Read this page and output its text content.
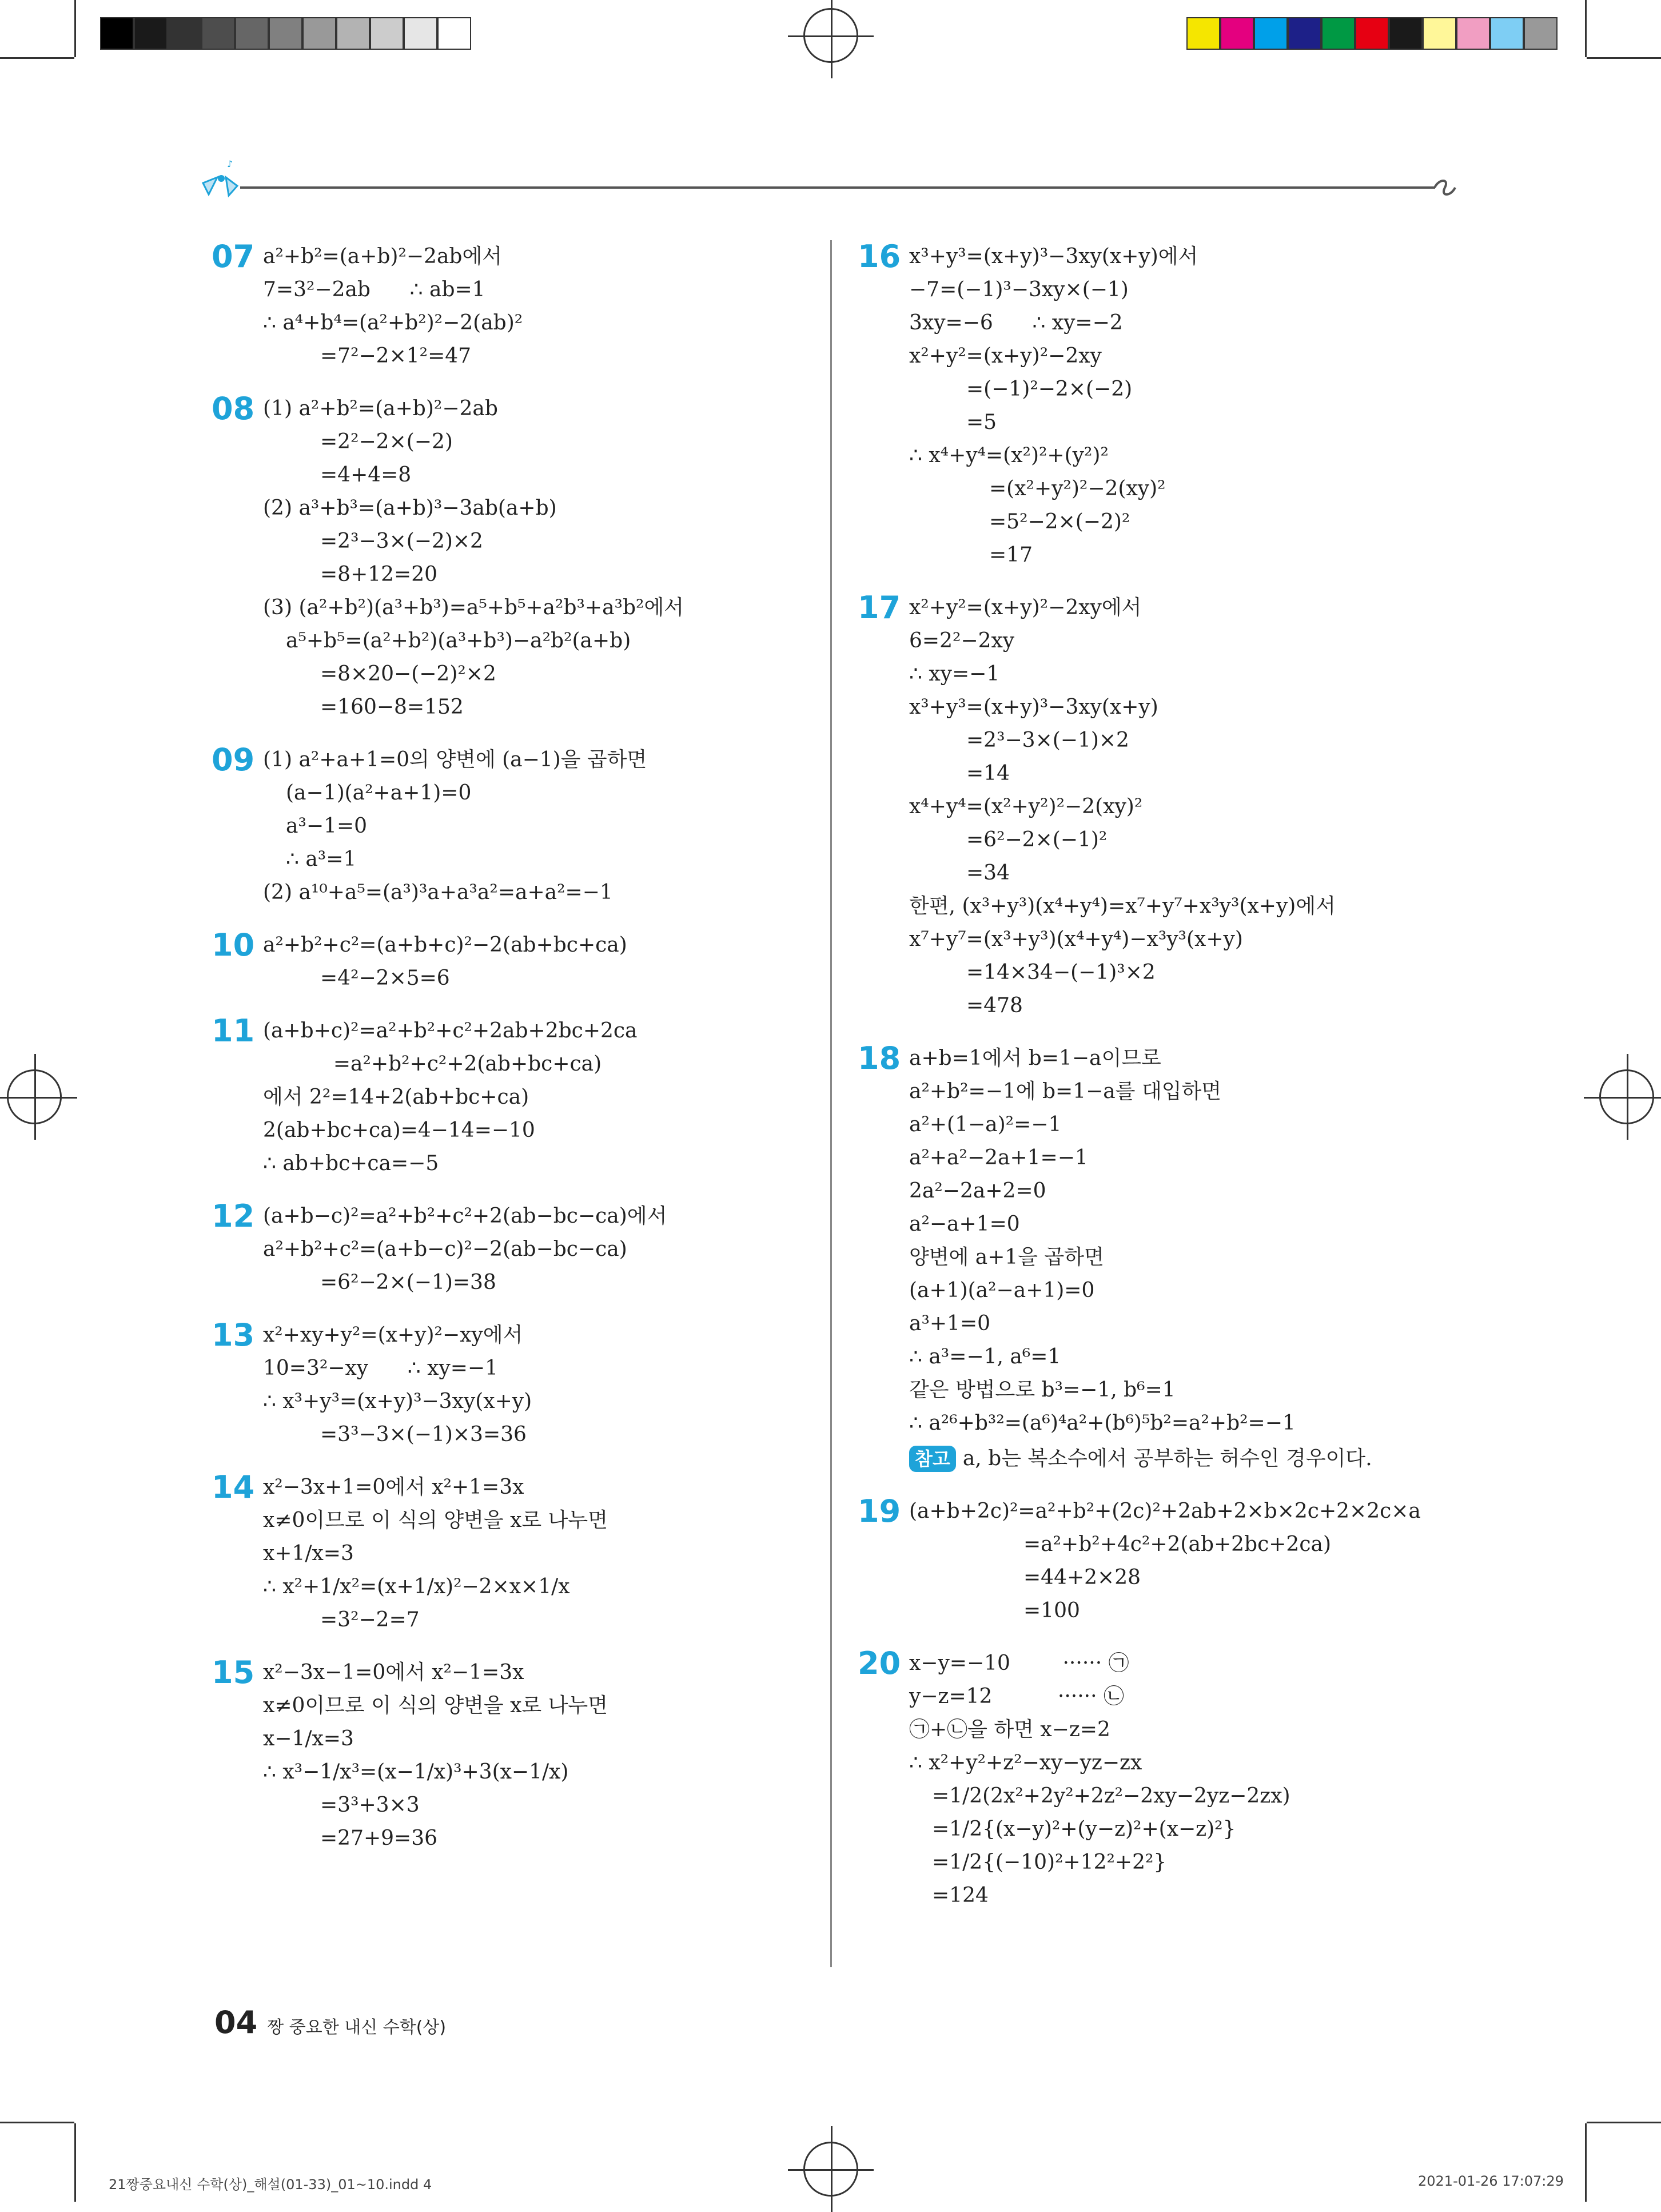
♪
07 a²+b²=(a+b)²−2ab에서
7=3²−2ab      ∴ ab=1
∴ a⁴+b⁴=(a²+b²)²−2(ab)²
=7²−2×1²=47
08 (1) a²+b²=(a+b)²−2ab
=2²−2×(−2)
=4+4=8
(2) a³+b³=(a+b)³−3ab(a+b)
=2³−3×(−2)×2
=8+12=20
(3) (a²+b²)(a³+b³)=a⁵+b⁵+a²b³+a³b²에서
a⁵+b⁵=(a²+b²)(a³+b³)−a²b²(a+b)
=8×20−(−2)²×2
=160−8=152
09 (1) a²+a+1=0의 양변에 (a−1)을 곱하면
(a−1)(a²+a+1)=0
a³−1=0
∴ a³=1
(2) a¹⁰+a⁵=(a³)³a+a³a²=a+a²=−1
10 a²+b²+c²=(a+b+c)²−2(ab+bc+ca)
=4²−2×5=6
11 (a+b+c)²=a²+b²+c²+2ab+2bc+2ca
=a²+b²+c²+2(ab+bc+ca)
에서 2²=14+2(ab+bc+ca)
2(ab+bc+ca)=4−14=−10
∴ ab+bc+ca=−5
12 (a+b−c)²=a²+b²+c²+2(ab−bc−ca)에서
a²+b²+c²=(a+b−c)²−2(ab−bc−ca)
=6²−2×(−1)=38
13 x²+xy+y²=(x+y)²−xy에서
10=3²−xy      ∴ xy=−1
∴ x³+y³=(x+y)³−3xy(x+y)
=3³−3×(−1)×3=36
14 x²−3x+1=0에서 x²+1=3x
x≠0이므로 이 식의 양변을 x로 나누면
x+1/x=3
∴ x²+1/x²=(x+1/x)²−2×x×1/x
=3²−2=7
15 x²−3x−1=0에서 x²−1=3x
x≠0이므로 이 식의 양변을 x로 나누면
x−1/x=3
∴ x³−1/x³=(x−1/x)³+3(x−1/x)
=3³+3×3
=27+9=36
16 x³+y³=(x+y)³−3xy(x+y)에서
−7=(−1)³−3xy×(−1)
3xy=−6      ∴ xy=−2
x²+y²=(x+y)²−2xy
=(−1)²−2×(−2)
=5
∴ x⁴+y⁴=(x²)²+(y²)²
=(x²+y²)²−2(xy)²
=5²−2×(−2)²
=17
17 x²+y²=(x+y)²−2xy에서
6=2²−2xy
∴ xy=−1
x³+y³=(x+y)³−3xy(x+y)
=2³−3×(−1)×2
=14
x⁴+y⁴=(x²+y²)²−2(xy)²
=6²−2×(−1)²
=34
한편, (x³+y³)(x⁴+y⁴)=x⁷+y⁷+x³y³(x+y)에서
x⁷+y⁷=(x³+y³)(x⁴+y⁴)−x³y³(x+y)
=14×34−(−1)³×2
=478
18 a+b=1에서 b=1−a이므로
a²+b²=−1에 b=1−a를 대입하면
a²+(1−a)²=−1
a²+a²−2a+1=−1
2a²−2a+2=0
a²−a+1=0
양변에 a+1을 곱하면
(a+1)(a²−a+1)=0
a³+1=0
∴ a³=−1, a⁶=1
같은 방법으로 b³=−1, b⁶=1
∴ a²⁶+b³²=(a⁶)⁴a²+(b⁶)⁵b²=a²+b²=−1
참고 a, b는 복소수에서 공부하는 허수인 경우이다.
19 (a+b+2c)²=a²+b²+(2c)²+2ab+2×b×2c+2×2c×a
=a²+b²+4c²+2(ab+2bc+2ca)
=44+2×28
=100
20 x−y=−10        ······ ㉠
y−z=12          ······ ㉡
㉠+㉡을 하면 x−z=2
∴ x²+y²+z²−xy−yz−zx
=1/2(2x²+2y²+2z²−2xy−2yz−2zx)
=1/2{(x−y)²+(y−z)²+(x−z)²}
=1/2{(−10)²+12²+2²}
=124
04 짱 중요한 내신 수학(상)
21짱중요내신 수학(상)_해설(01-33)_01~10.indd 4	2021-01-26 17:07:29
